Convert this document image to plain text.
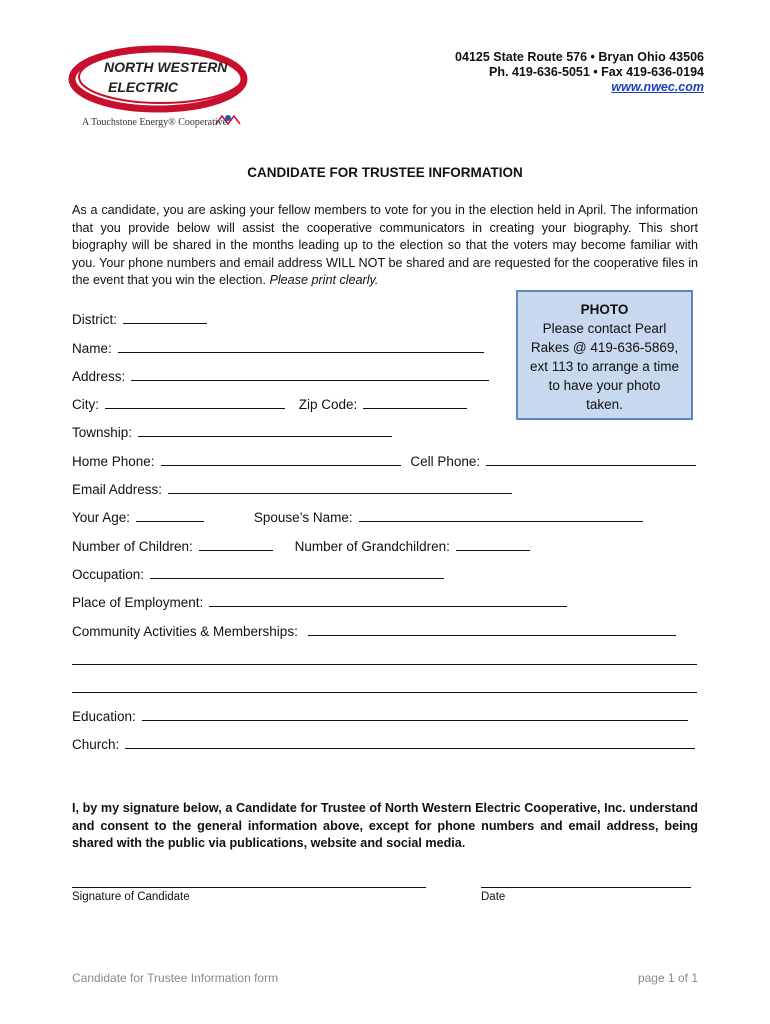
NORTH WESTERN
ELECTRIC
A Touchstone Energy® Cooperative
04125 State Route 576 • Bryan Ohio 43506
Ph. 419-636-5051 • Fax 419-636-0194
www.nwec.com
CANDIDATE FOR TRUSTEE INFORMATION
As a candidate, you are asking your fellow members to vote for you in the election held in April. The information that you provide below will assist the cooperative communicators in creating your biography. This short biography will be shared in the months leading up to the election so that the voters may become familiar with you. Your phone numbers and email address WILL NOT be shared and are requested for the cooperative files in the event that you win the election. Please print clearly.
PHOTO
Please contact Pearl
Rakes @ 419-636-5869,
ext 113 to arrange a time
to have your photo
taken.
District:
Name:
Address:
City:	Zip Code:
Township:
Home Phone:	Cell Phone:
Email Address:
Your Age:	Spouse’s Name:
Number of Children:	Number of Grandchildren:
Occupation:
Place of Employment:
Community Activities & Memberships:
Education:
Church:
I, by my signature below, a Candidate for Trustee of North Western Electric Cooperative, Inc. understand and consent to the general information above, except for phone numbers and email address, being shared with the public via publications, website and social media.
Signature of Candidate	Date
Candidate for Trustee Information form	page 1 of 1
